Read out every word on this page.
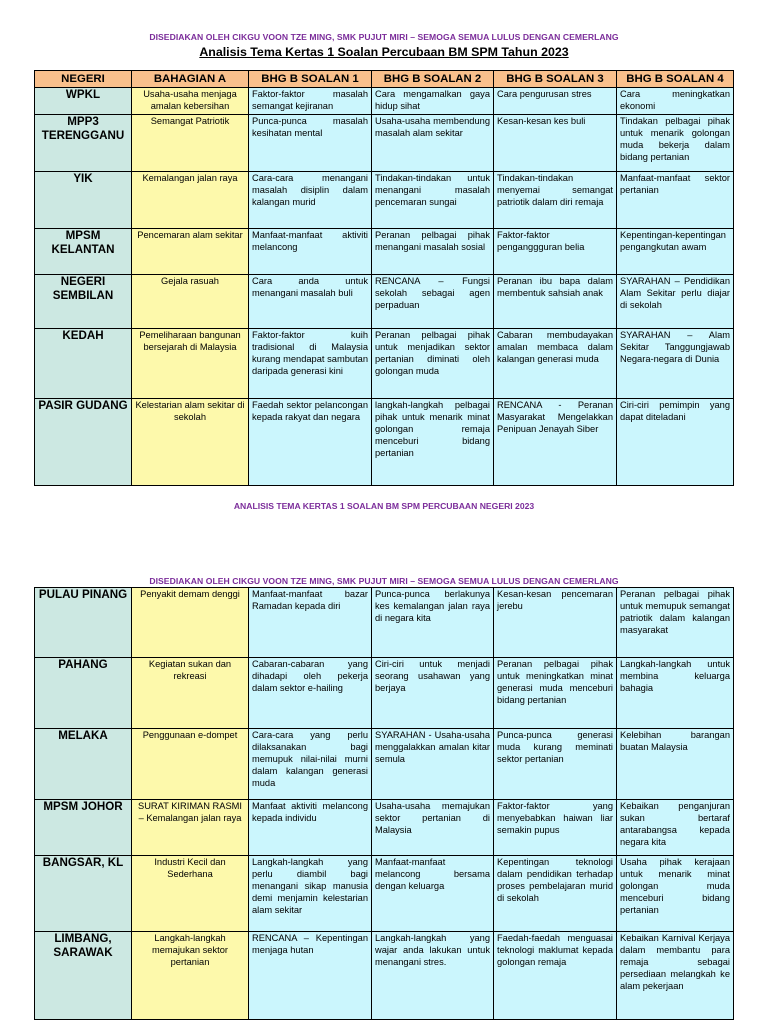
DISEDIAKAN OLEH CIKGU VOON TZE MING, SMK PUJUT MIRI – SEMOGA SEMUA LULUS DENGAN CEMERLANG
Analisis Tema Kertas 1 Soalan Percubaan BM SPM Tahun 2023
NEGERI	BAHAGIAN A	BHG B SOALAN 1	BHG B SOALAN 2	BHG B SOALAN 3	BHG B SOALAN 4
WPKL	Usaha-usaha menjaga amalan kebersihan	Faktor-faktor masalah semangat kejiranan	Cara mengamalkan gaya hidup sihat	Cara pengurusan stres	Cara meningkatkan ekonomi
MPP3 TERENGGANU	Semangat Patriotik	Punca-punca masalah kesihatan mental	Usaha-usaha membendung masalah alam sekitar	Kesan-kesan kes buli	Tindakan pelbagai pihak untuk menarik golongan muda bekerja dalam bidang pertanian
YIK	Kemalangan jalan raya	Cara-cara menangani masalah disiplin dalam kalangan murid	Tindakan-tindakan untuk menangani masalah pencemaran sungai	Tindakan-tindakan menyemai semangat patriotik dalam diri remaja	Manfaat-manfaat sektor pertanian
MPSM KELANTAN	Pencemaran alam sekitar	Manfaat-manfaat aktiviti melancong	Peranan pelbagai pihak menangani masalah sosial	Faktor-faktor penganggguran belia	Kepentingan-kepentingan pengangkutan awam
NEGERI SEMBILAN	Gejala rasuah	Cara anda untuk menangani masalah buli	RENCANA – Fungsi sekolah sebagai agen perpaduan	Peranan ibu bapa dalam membentuk sahsiah anak	SYARAHAN – Pendidikan Alam Sekitar perlu diajar di sekolah
KEDAH	Pemeliharaan bangunan bersejarah di Malaysia	Faktor-faktor kuih tradisional di Malaysia kurang mendapat sambutan daripada generasi kini	Peranan pelbagai pihak untuk menjadikan sektor pertanian diminati oleh golongan muda	Cabaran membudayakan amalan membaca dalam kalangan generasi muda	SYARAHAN – Alam Sekitar Tanggungjawab Negara-negara di Dunia
PASIR GUDANG	Kelestarian alam sekitar di sekolah	Faedah sektor pelancongan kepada rakyat dan negara	langkah-langkah pelbagai pihak untuk menarik minat golongan remaja menceburi bidang pertanian	RENCANA - Peranan Masyarakat Mengelakkan Penipuan Jenayah Siber	Ciri-ciri pemimpin yang dapat diteladani
ANALISIS TEMA KERTAS 1 SOALAN BM SPM PERCUBAAN NEGERI 2023
DISEDIAKAN OLEH CIKGU VOON TZE MING, SMK PUJUT MIRI – SEMOGA SEMUA LULUS DENGAN CEMERLANG
PULAU PINANG	Penyakit demam denggi	Manfaat-manfaat bazar Ramadan kepada diri	Punca-punca berlakunya kes kemalangan jalan raya di negara kita	Kesan-kesan pencemaran jerebu	Peranan pelbagai pihak untuk memupuk semangat patriotik dalam kalangan masyarakat
PAHANG	Kegiatan sukan dan rekreasi	Cabaran-cabaran yang dihadapi oleh pekerja dalam sektor e-hailing	Ciri-ciri untuk menjadi seorang usahawan yang berjaya	Peranan pelbagai pihak untuk meningkatkan minat generasi muda menceburi bidang pertanian	Langkah-langkah untuk membina keluarga bahagia
MELAKA	Penggunaan e-dompet	Cara-cara yang perlu dilaksanakan bagi memupuk nilai-nilai murni dalam kalangan generasi muda	SYARAHAN - Usaha-usaha menggalakkan amalan kitar semula	Punca-punca generasi muda kurang meminati sektor pertanian	Kelebihan barangan buatan Malaysia
MPSM JOHOR	SURAT KIRIMAN RASMI – Kemalangan jalan raya	Manfaat aktiviti melancong kepada individu	Usaha-usaha memajukan sektor pertanian di Malaysia	Faktor-faktor yang menyebabkan haiwan liar semakin pupus	Kebaikan penganjuran sukan bertaraf antarabangsa kepada negara kita
BANGSAR, KL	Industri Kecil dan Sederhana	Langkah-langkah yang perlu diambil bagi menangani sikap manusia demi menjamin kelestarian alam sekitar	Manfaat-manfaat melancong bersama dengan keluarga	Kepentingan teknologi dalam pendidikan terhadap proses pembelajaran murid di sekolah	Usaha pihak kerajaan untuk menarik minat golongan muda menceburi bidang pertanian
LIMBANG, SARAWAK	Langkah-langkah memajukan sektor pertanian	RENCANA – Kepentingan menjaga hutan	Langkah-langkah yang wajar anda lakukan untuk menangani stres.	Faedah-faedah menguasai teknologi maklumat kepada golongan remaja	Kebaikan Karnival Kerjaya dalam membantu para remaja sebagai persediaan melangkah ke alam pekerjaan
